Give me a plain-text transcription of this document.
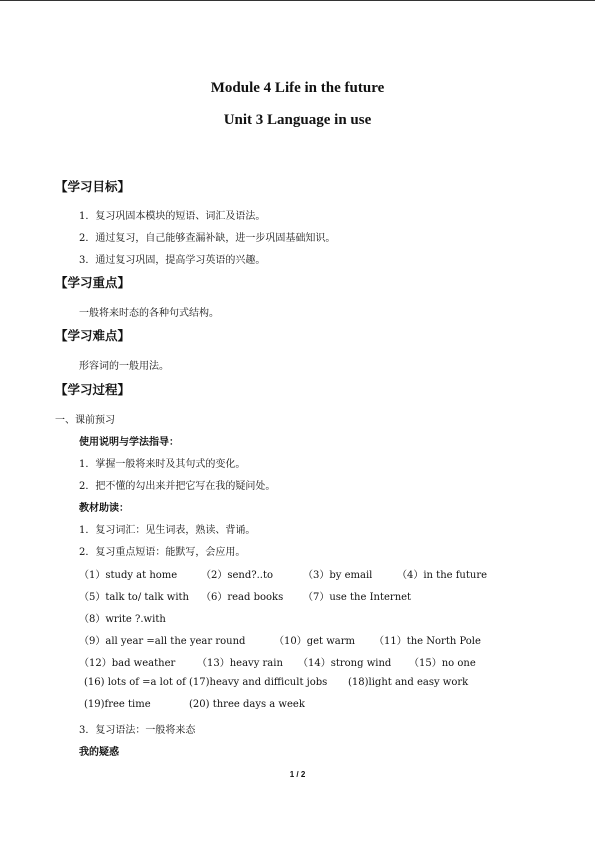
Module 4 Life in the future
Unit 3 Language in use
【学习目标】
1．复习巩固本模块的短语、词汇及语法。
2．通过复习，自己能够查漏补缺，进一步巩固基础知识。
3．通过复习巩固，提高学习英语的兴趣。
【学习重点】
一般将来时态的各种句式结构。
【学习难点】
形容词的一般用法。
【学习过程】
一、课前预习
使用说明与学法指导：
1．掌握一般将来时及其句式的变化。
2．把不懂的勾出来并把它写在我的疑问处。
教材助读：
1．复习词汇：见生词表，熟读、背诵。
2．复习重点短语：能默写，会应用。
（1）study at home （2）send?..to	（3）by email （4）in the future
（5）talk to/ talk with （6）read books （7）use the Internet
（8）write ?.with
（9）all year =all the year round	（10）get warm （11）the North Pole
（12）bad weather （13）heavy rain （14）strong wind （15）no one
(16) lots of =a lot of (17)heavy and difficult jobs (18)light and easy work
(19)free time	(20) three days a week
3．复习语法：一般将来态
我的疑惑
1 / 2
